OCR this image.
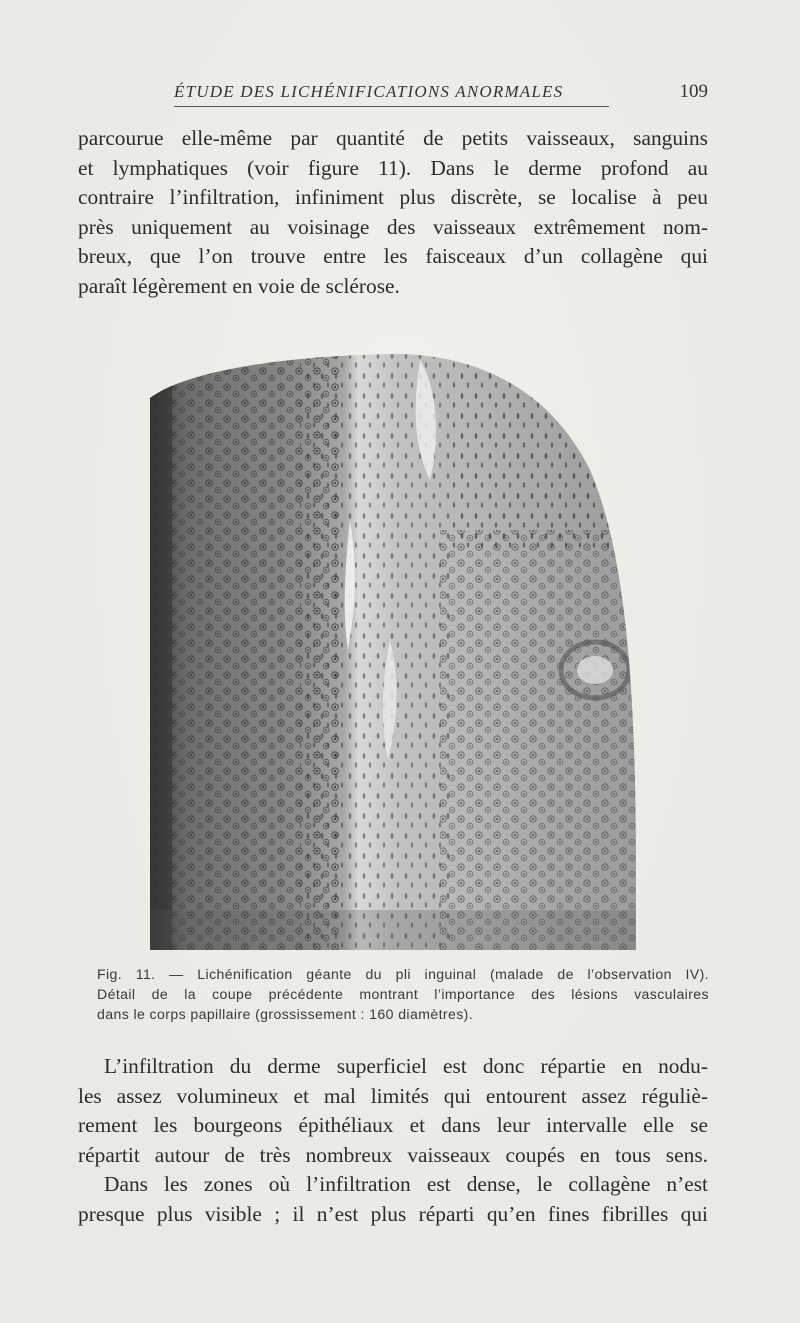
ÉTUDE DES LICHÉNIFICATIONS ANORMALES	109
parcourue elle-même par quantité de petits vaisseaux, sanguins
et lymphatiques (voir figure 11). Dans le derme profond au
contraire l’infiltration, infiniment plus discrète, se localise à peu
près uniquement au voisinage des vaisseaux extrêmement nom-
breux, que l’on trouve entre les faisceaux d’un collagène qui
paraît légèrement en voie de sclérose.
Fig. 11. — Lichénification géante du pli inguinal (malade de l’observation IV).
Détail de la coupe précédente montrant l’importance des lésions vasculaires
dans le corps papillaire (grossissement : 160 diamètres).
L’infiltration du derme superficiel est donc répartie en nodu-
les assez volumineux et mal limités qui entourent assez réguliè-
rement les bourgeons épithéliaux et dans leur intervalle elle se
répartit autour de très nombreux vaisseaux coupés en tous sens.
Dans les zones où l’infiltration est dense, le collagène n’est
presque plus visible ; il n’est plus réparti qu’en fines fibrilles qui
